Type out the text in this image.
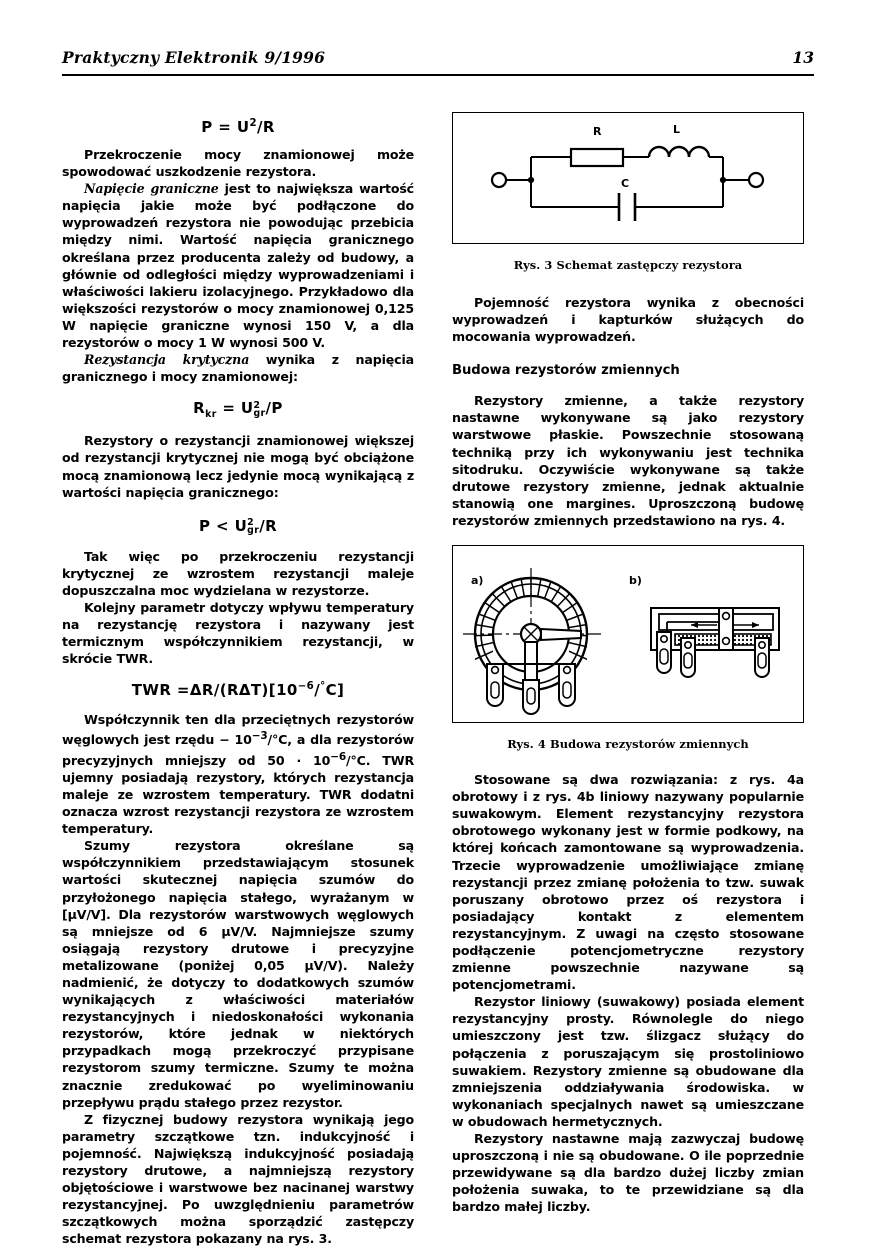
Praktyczny Elektronik 9/1996	13
$P = U^2/R$

Przekroczenie mocy znamionowej może spowodować uszkodzenie rezystora.

Napięcie graniczne jest to największa wartość napięcia jakie może być podłączone do wyprowadzeń rezystora nie powodując przebicia między nimi. Wartość napięcia granicznego określana przez producenta zależy od budowy, a głównie od odległości między wyprowadzeniami i właściwości lakieru izolacyjnego. Przykładowo dla większości rezystorów o mocy znamionowej 0,125 W napięcie graniczne wynosi 150 V, a dla rezystorów o mocy 1 W wynosi 500 V.

Rezystancja krytyczna wynika z napięcia granicznego i mocy znamionowej:

$R_{kr} = U$ 2
gr /P

Rezystory o rezystancji znamionowej większej od rezystancji krytycznej nie mogą być obciążone mocą znamionową lecz jedynie mocą wynikającą z wartości napięcia granicznego:

P < U 2
gr /R

Tak więc po przekroczeniu rezystancji krytycznej ze wzrostem rezystancji maleje dopuszczalna moc wydzielana w rezystorze.

Kolejny parametr dotyczy wpływu temperatury na rezystancję rezystora i nazywany jest termicznym współczynnikiem rezystancji, w skrócie TWR.

TWR $=\Delta R/(R\Delta T)[10^{-6}/^\circ C]$

Współczynnik ten dla przeciętnych rezystorów węglowych jest rzędu − $10^{-3}/^\circ C$, a dla rezystorów precyzyjnych mniejszy od $50 \cdot 10^{-6}/^\circ C$. TWR ujemny posiadają rezystory, których rezystancja maleje ze wzrostem temperatury. TWR dodatni oznacza wzrost rezystancji rezystora ze wzrostem temperatury.

Szumy rezystora określane są współczynnikiem przedstawiającym stosunek wartości skutecznej napięcia szumów do przyłożonego napięcia stałego, wyrażanym w [μV/V]. Dla rezystorów warstwowych węglowych są mniejsze od 6 μV/V. Najmniejsze szumy osiągają rezystory drutowe i precyzyjne metalizowane (poniżej 0,05 μV/V). Należy nadmienić, że dotyczy to dodatkowych szumów wynikających z właściwości materiałów rezystancyjnych i niedoskonałości wykonania rezystorów, które jednak w niektórych przypadkach mogą przekroczyć przypisane rezystorom szumy termiczne. Szumy te można znacznie zredukować po wyeliminowaniu przepływu prądu stałego przez rezystor.

Z fizycznej budowy rezystora wynikają jego parametry szczątkowe tzn. indukcyjność i pojemność. Największą indukcyjność posiadają rezystory drutowe, a najmniejszą rezystory objętościowe i warstwowe bez nacinanej warstwy rezystancyjnej. Po uwzględnieniu parametrów szczątkowych można sporządzić zastępczy schemat rezystora pokazany na rys. 3.

R	L
C
Rys. 3 Schemat zastępczy rezystora

Pojemność rezystora wynika z obecności wyprowadzeń i kapturków służących do mocowania wyprowadzeń.

Budowa rezystorów zmiennych

Rezystory zmienne, a także rezystory nastawne wykonywane są jako rezystory warstwowe płaskie. Powszechnie stosowaną techniką przy ich wykonywaniu jest technika sitodruku. Oczywiście wykonywane są także drutowe rezystory zmienne, jednak aktualnie stanowią one margines. Uproszczoną budowę rezystorów zmiennych przedstawiono na rys. 4.

a)	b)
Rys. 4 Budowa rezystorów zmiennych

Stosowane są dwa rozwiązania: z rys. 4a obrotowy i z rys. 4b liniowy nazywany popularnie suwakowym. Element rezystancyjny rezystora obrotowego wykonany jest w formie podkowy, na której końcach zamontowane są wyprowadzenia. Trzecie wyprowadzenie umożliwiające zmianę rezystancji przez zmianę położenia to tzw. suwak poruszany obrotowo przez oś rezystora i posiadający kontakt z elementem rezystancyjnym. Z uwagi na często stosowane podłączenie potencjometryczne rezystory zmienne powszechnie nazywane są potencjometrami.

Rezystor liniowy (suwakowy) posiada element rezystancyjny prosty. Równolegle do niego umieszczony jest tzw. ślizgacz służący do połączenia z poruszającym się prostoliniowo suwakiem. Rezystory zmienne są obudowane dla zmniejszenia oddziaływania środowiska. w wykonaniach specjalnych nawet są umieszczane w obudowach hermetycznych.

Rezystory nastawne mają zazwyczaj budowę uproszczoną i nie są obudowane. O ile poprzednie przewidywane są dla bardzo dużej liczby zmian położenia suwaka, to te przewidziane są dla bardzo małej liczby.
